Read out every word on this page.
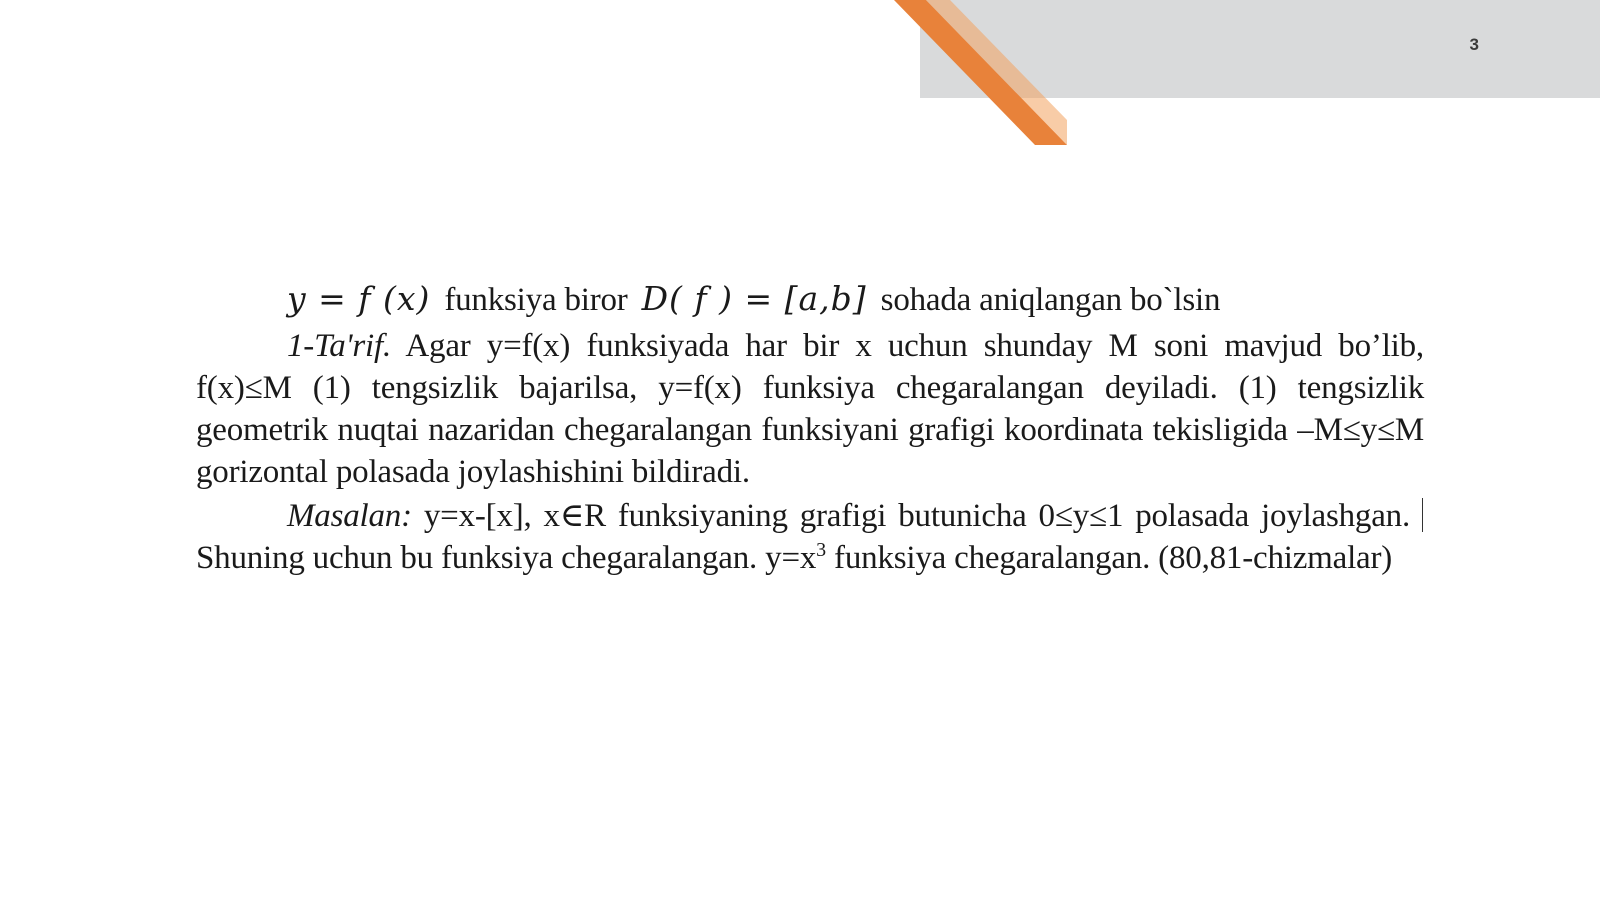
3

y = f (x) funksiya biror D( f ) = [a,b] sohada aniqlangan bo`lsin

1-Ta'rif. Agar y=f(x) funksiyada har bir x uchun shunday M soni mavjud bo’lib, f(x)≤M (1) tengsizlik bajarilsa, y=f(x) funksiya chegaralangan deyiladi. (1) tengsizlik geometrik nuqtai nazaridan chegaralangan funksiyani grafigi koordinata tekisligida –M≤y≤M gorizontal polasada joylashishini bildiradi.

Masalan: y=x-[x], x∈R funksiyaning grafigi butunicha 0≤y≤1 polasada joylashgan. Shuning uchun bu funksiya chegaralangan. $y=x^3$ funksiya chegaralangan. (80,81-chizmalar)
